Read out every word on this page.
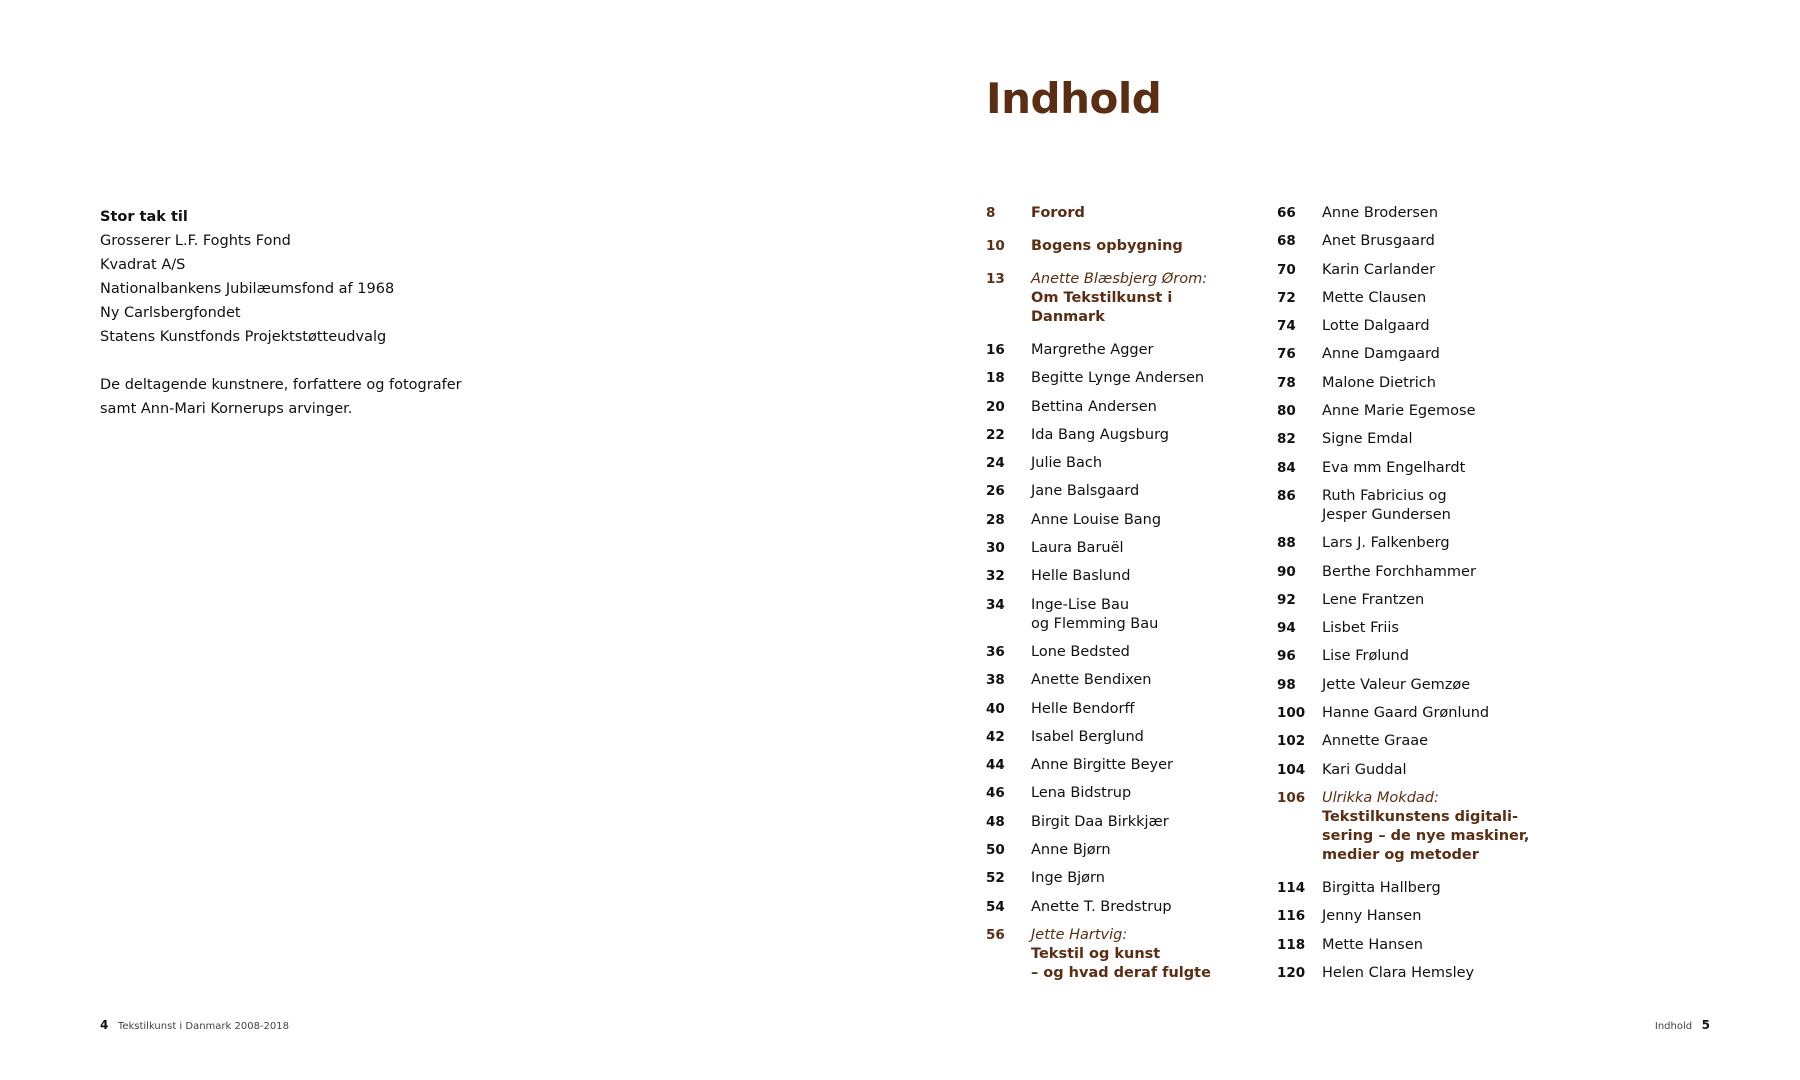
Stor tak til
Grosserer L.F. Foghts Fond
Kvadrat A/S
Nationalbankens Jubilæumsfond af 1968
Ny Carlsbergfondet
Statens Kunstfonds Projektstøtteudvalg
De deltagende kunstnere, forfattere og fotografer
samt Ann-Mari Kornerups arvinger.
Indhold
8	Forord
10	Bogens opbygning
13	Anette Blæsbjerg Ørom:
Om Tekstilkunst i Danmark
16	Margrethe Agger
18	Begitte Lynge Andersen
20	Bettina Andersen
22	Ida Bang Augsburg
24	Julie Bach
26	Jane Balsgaard
28	Anne Louise Bang
30	Laura Baruël
32	Helle Baslund
34	Inge-Lise Bau
og Flemming Bau
36	Lone Bedsted
38	Anette Bendixen
40	Helle Bendorff
42	Isabel Berglund
44	Anne Birgitte Beyer
46	Lena Bidstrup
48	Birgit Daa Birkkjær
50	Anne Bjørn
52	Inge Bjørn
54	Anette T. Bredstrup
56	Jette Hartvig:
Tekstil og kunst
– og hvad deraf fulgte
66	Anne Brodersen
68	Anet Brusgaard
70	Karin Carlander
72	Mette Clausen
74	Lotte Dalgaard
76	Anne Damgaard
78	Malone Dietrich
80	Anne Marie Egemose
82	Signe Emdal
84	Eva mm Engelhardt
86	Ruth Fabricius og
Jesper Gundersen
88	Lars J. Falkenberg
90	Berthe Forchhammer
92	Lene Frantzen
94	Lisbet Friis
96	Lise Frølund
98	Jette Valeur Gemzøe
100	Hanne Gaard Grønlund
102	Annette Graae
104	Kari Guddal
106	Ulrikka Mokdad:
Tekstilkunstens digitali-
sering – de nye maskiner,
medier og metoder
114	Birgitta Hallberg
116	Jenny Hansen
118	Mette Hansen
120	Helen Clara Hemsley
4 Tekstilkunst i Danmark 2008-2018	Indhold 5
